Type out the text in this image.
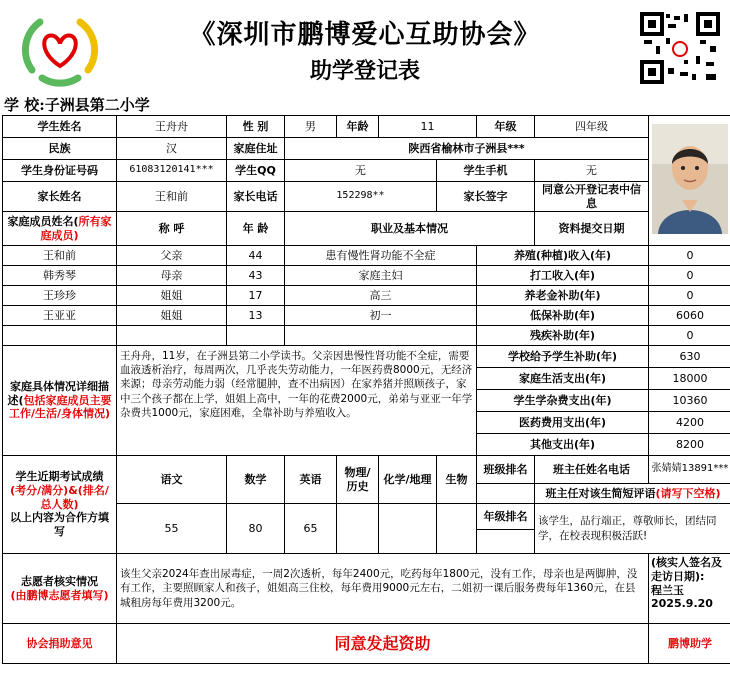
《深圳市鹏博爱心互助协会》
助学登记表
学 校:子洲县第二小学
学生姓名	王舟舟	性 别	男	年龄	11		年级	四年级	
民族	汉	家庭住址	陕西省榆林市子洲县***						
学生身份证号码	61083120141***	学生QQ	无			学生手机		无	
家长姓名	王和前	家长电话	152298**			家长签字		同意公开登记表中信息	
家庭成员姓名(所有家庭成员)	称 呼	年 龄	职业及基本情况					资料提交日期	
王和前	父亲	44	患有慢性肾功能不全症				养殖(种植)收入(年)		0
韩秀琴	母亲	43	家庭主妇				打工收入(年)		0
王珍珍	姐姐	17	高三				养老金补助(年)		0
王亚亚	姐姐	13	初一				低保补助(年)		6060
							残疾补助(年)		0
家庭具体情况详细描述(包括家庭成员主要工作/生活/身体情况)	王舟舟，11岁，在子洲县第二小学读书。父亲因患慢性肾功能不全症，需要血液透析治疗，每周两次，几乎丧失劳动能力，一年医药费8000元，无经济来源；母亲劳动能力弱（经常腿肿，查不出病因）在家养猪并照顾孩子，家中三个孩子都在上学，姐姐上高中，一年的花费2000元，弟弟与亚亚一年学杂费共1000元，家庭困难，全靠补助与养殖收入。						学校给予学生补助(年)		630
							家庭生活支出(年)		18000
							学生学杂费支出(年)		10360
							医药费用支出(年)		4200
							其他支出(年)		8200
学生近期考试成绩
(考分/满分)&(排名/总人数)
以上内容为合作方填写	语文	数学	英语	物理/历史	化学/地理	生物	班级排名	班主任姓名电话	张婧婧13891***
								班主任对该生简短评语(请写下空格)	
	55	80	65				年级排名	该学生，品行端正，尊敬师长，团结同学，在校表现积极活跃!	

志愿者核实情况
(由鹏博志愿者填写)	该生父亲2024年查出尿毒症，一周2次透析，每年2400元，吃药每年1800元，没有工作，母亲也是两脚肿，没有工作，主要照顾家人和孩子，姐姐高三住校，每年费用9000元左右，二姐初一课后服务费每年1360元，在县城租房每年费用3200元。								(核实人签名及走访日期):
程兰玉
2025.9.20
协会捐助意见	同意发起资助								鹏博助学
